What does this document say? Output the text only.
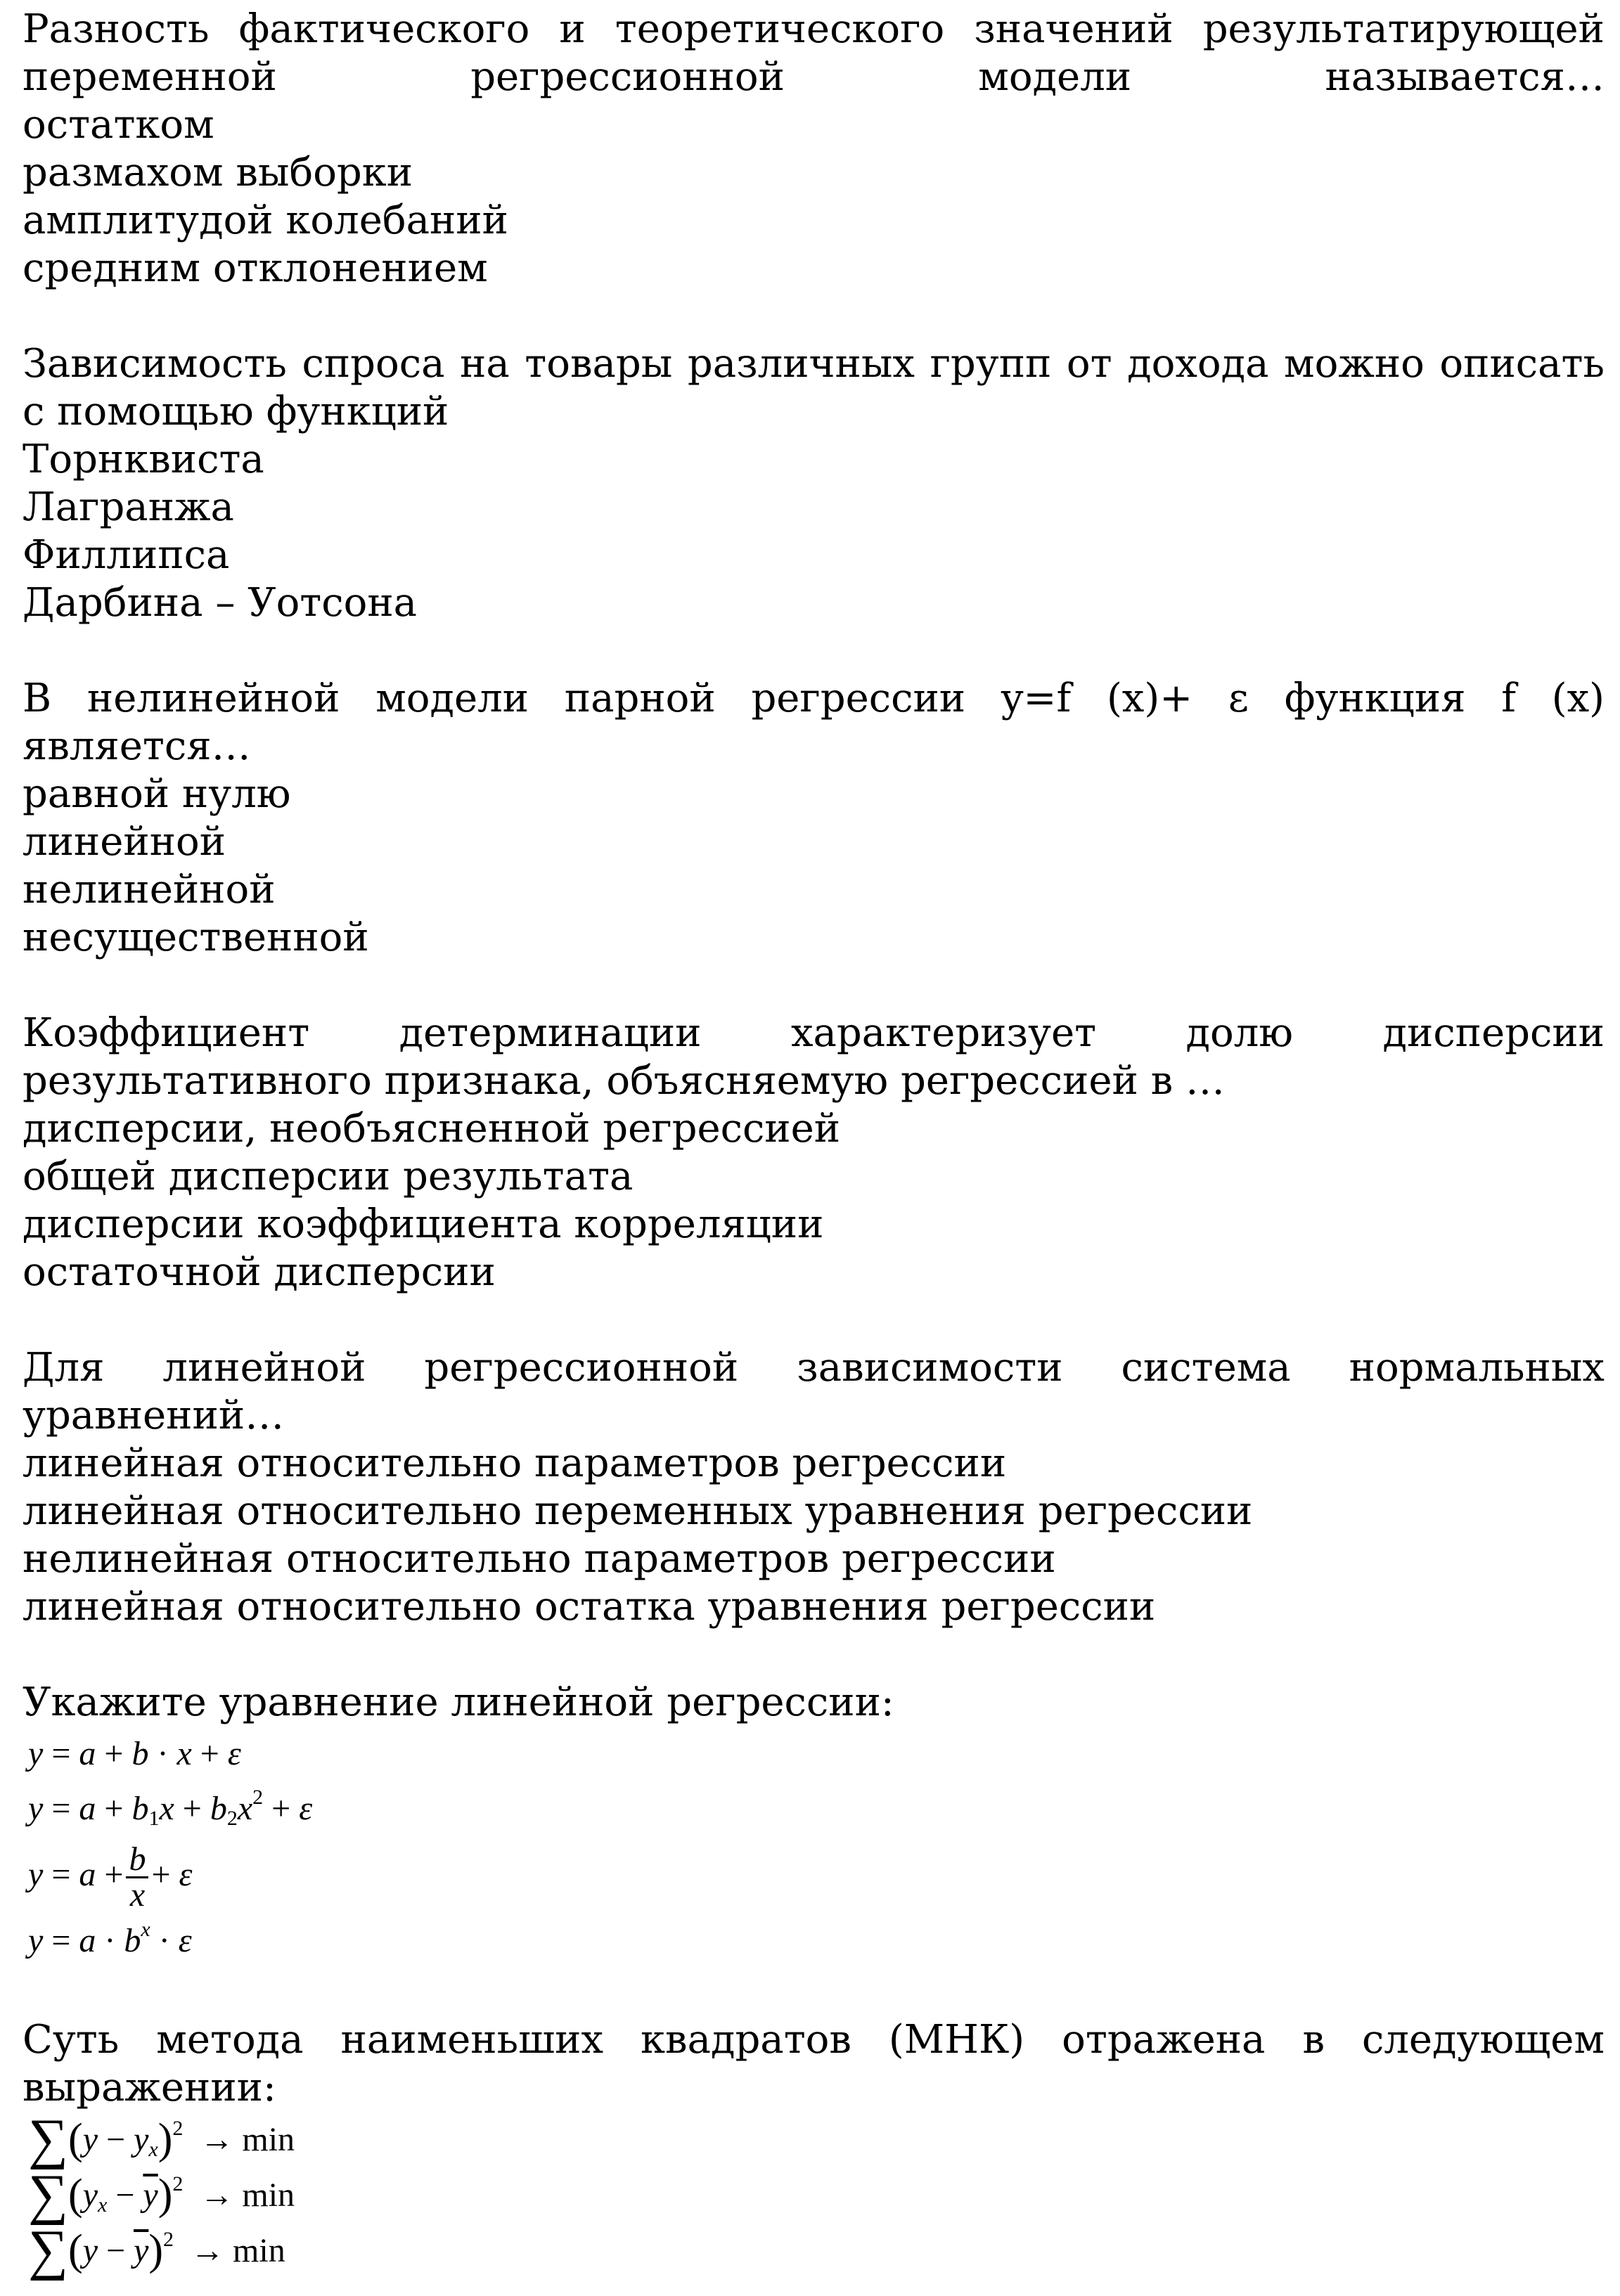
Разность фактического и теоретического значений результатирующей переменной регрессионной модели называется…
остатком
размахом выборки
амплитудой колебаний
средним отклонением
Зависимость спроса на товары различных групп от дохода можно описать с помощью функций
Торнквиста
Лагранжа
Филлипса
Дарбина – Уотсона
В нелинейной модели парной регрессии y=f (x)+ ε функция f (x) является…
равной нулю
линейной
нелинейной
несущественной
Коэффициент детерминации характеризует долю дисперсии результативного признака, объясняемую регрессией в …
дисперсии, необъясненной регрессией
общей дисперсии результата
дисперсии коэффициента корреляции
остаточной дисперсии
Для линейной регрессионной зависимости система нормальных уравнений…
линейная относительно параметров регрессии
линейная относительно переменных уравнения регрессии
нелинейная относительно параметров регрессии
линейная относительно остатка уравнения регрессии
Укажите уравнение линейной регрессии:
y = a + b · x + ε
$y = a + b_1x + b_2x^2 + \varepsilon$
$y = a + \frac{b}{x} + \varepsilon$
$y = a \cdot b^x \cdot \varepsilon$
Суть метода наименьших квадратов (МНК) отражена в следующем выражении:
$\sum(y - y_x)^2 \to \min$
$\sum(y_x - \overline{y})^2 \to \min$
$\sum(y - \overline{y})^2 \to \min$
